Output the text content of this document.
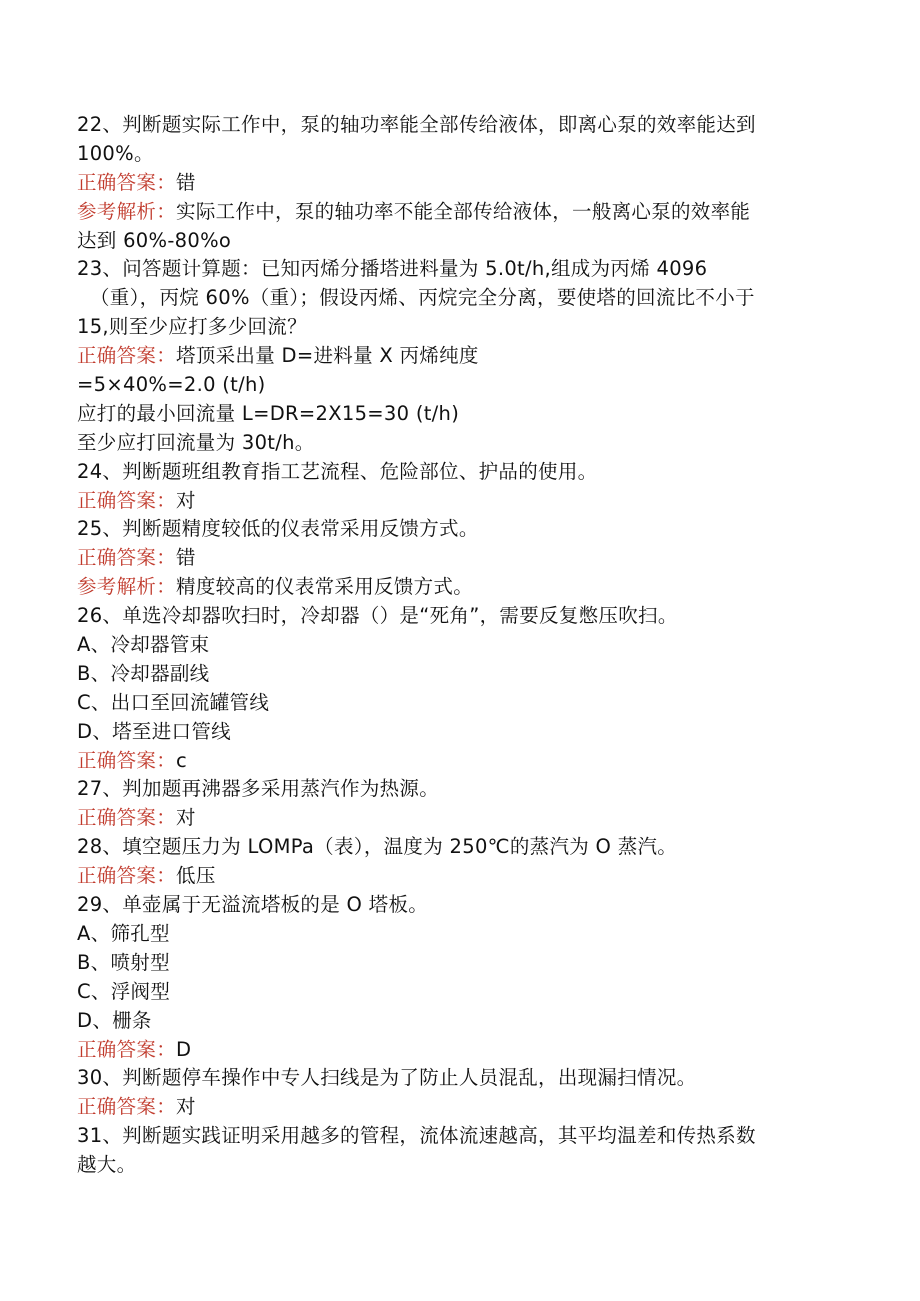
22、判断题实际工作中，泵的轴功率能全部传给液体，即离心泵的效率能达到
100%。
正确答案：错
参考解析：实际工作中，泵的轴功率不能全部传给液体，一般离心泵的效率能
达到 60%-80%o
23、问答题计算题：已知丙烯分播塔进料量为 5.0t/h,组成为丙烯 4096
（重），丙烷 60%（重）；假设丙烯、丙烷完全分离，要使塔的回流比不小于
15,则至少应打多少回流？
正确答案：塔顶采出量 D=进料量 X 丙烯纯度
=5×40%=2.0 (t/h)
应打的最小回流量 L=DR=2X15=30 (t/h)
至少应打回流量为 30t/h。
24、判断题班组教育指工艺流程、危险部位、护品的使用。
正确答案：对
25、判断题精度较低的仪表常采用反馈方式。
正确答案：错
参考解析：精度较高的仪表常采用反馈方式。
26、单选冷却器吹扫时，冷却器（）是“死角”，需要反复憋压吹扫。
A、冷却器管束
B、冷却器副线
C、出口至回流罐管线
D、塔至进口管线
正确答案：c
27、判加题再沸器多采用蒸汽作为热源。
正确答案：对
28、填空题压力为 LOMPa（表），温度为 250℃的蒸汽为 O 蒸汽。
正确答案：低压
29、单壶属于无溢流塔板的是 O 塔板。
A、筛孔型
B、喷射型
C、浮阀型
D、栅条
正确答案：D
30、判断题停车操作中专人扫线是为了防止人员混乱，出现漏扫情况。
正确答案：对
31、判断题实践证明采用越多的管程，流体流速越高，其平均温差和传热系数
越大。
